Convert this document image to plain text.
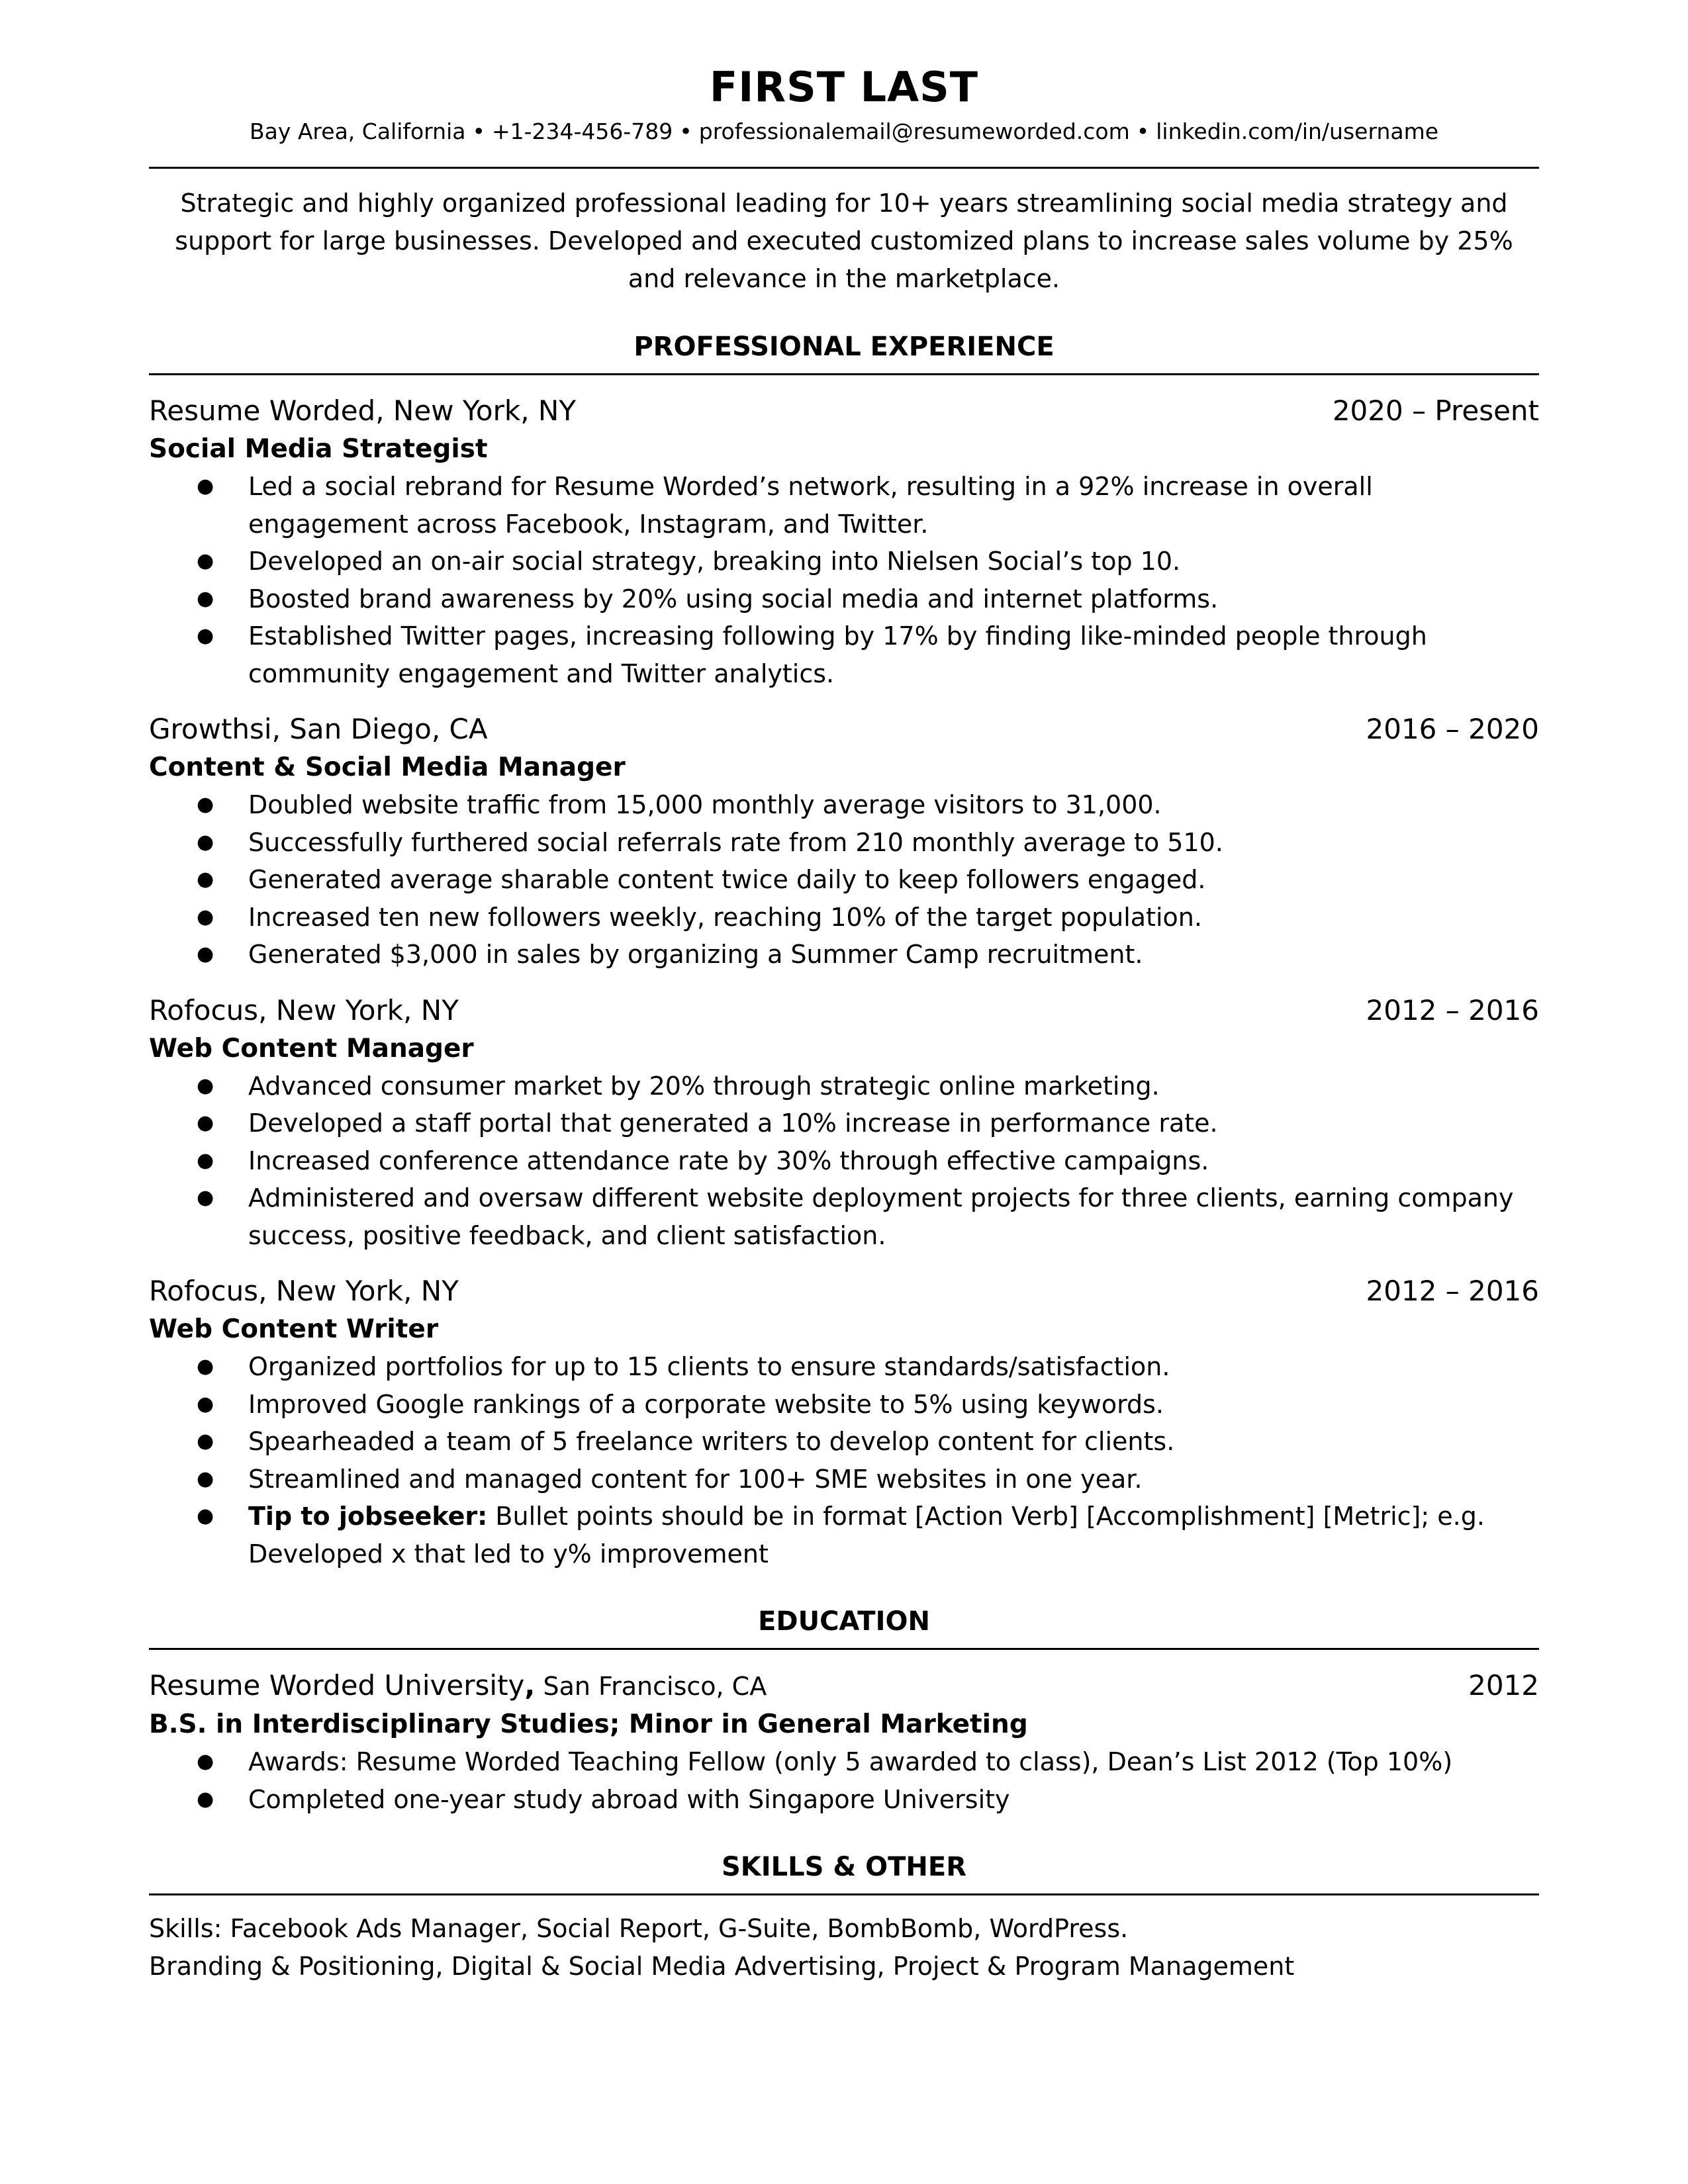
FIRST LAST
Bay Area, California • +1-234-456-789 • professionalemail@resumeworded.com • linkedin.com/in/username
Strategic and highly organized professional leading for 10+ years streamlining social media strategy and support for large businesses. Developed and executed customized plans to increase sales volume by 25% and relevance in the marketplace.
PROFESSIONAL EXPERIENCE
Resume Worded, New York, NY	2020 – Present
Social Media Strategist
● Led a social rebrand for Resume Worded’s network, resulting in a 92% increase in overall engagement across Facebook, Instagram, and Twitter.
● Developed an on-air social strategy, breaking into Nielsen Social’s top 10.
● Boosted brand awareness by 20% using social media and internet platforms.
● Established Twitter pages, increasing following by 17% by finding like-minded people through community engagement and Twitter analytics.
Growthsi, San Diego, CA	2016 – 2020
Content & Social Media Manager
● Doubled website traffic from 15,000 monthly average visitors to 31,000.
● Successfully furthered social referrals rate from 210 monthly average to 510.
● Generated average sharable content twice daily to keep followers engaged.
● Increased ten new followers weekly, reaching 10% of the target population.
● Generated $3,000 in sales by organizing a Summer Camp recruitment.
Rofocus, New York, NY	2012 – 2016
Web Content Manager
● Advanced consumer market by 20% through strategic online marketing.
● Developed a staff portal that generated a 10% increase in performance rate.
● Increased conference attendance rate by 30% through effective campaigns.
● Administered and oversaw different website deployment projects for three clients, earning company success, positive feedback, and client satisfaction.
Rofocus, New York, NY	2012 – 2016
Web Content Writer
● Organized portfolios for up to 15 clients to ensure standards/satisfaction.
● Improved Google rankings of a corporate website to 5% using keywords.
● Spearheaded a team of 5 freelance writers to develop content for clients.
● Streamlined and managed content for 100+ SME websites in one year.
● Tip to jobseeker: Bullet points should be in format [Action Verb] [Accomplishment] [Metric]; e.g. Developed x that led to y% improvement
EDUCATION
Resume Worded University, San Francisco, CA	2012
B.S. in Interdisciplinary Studies; Minor in General Marketing
● Awards: Resume Worded Teaching Fellow (only 5 awarded to class), Dean’s List 2012 (Top 10%)
● Completed one-year study abroad with Singapore University
SKILLS & OTHER
Skills: Facebook Ads Manager, Social Report, G-Suite, BombBomb, WordPress.
Branding & Positioning, Digital & Social Media Advertising, Project & Program Management
